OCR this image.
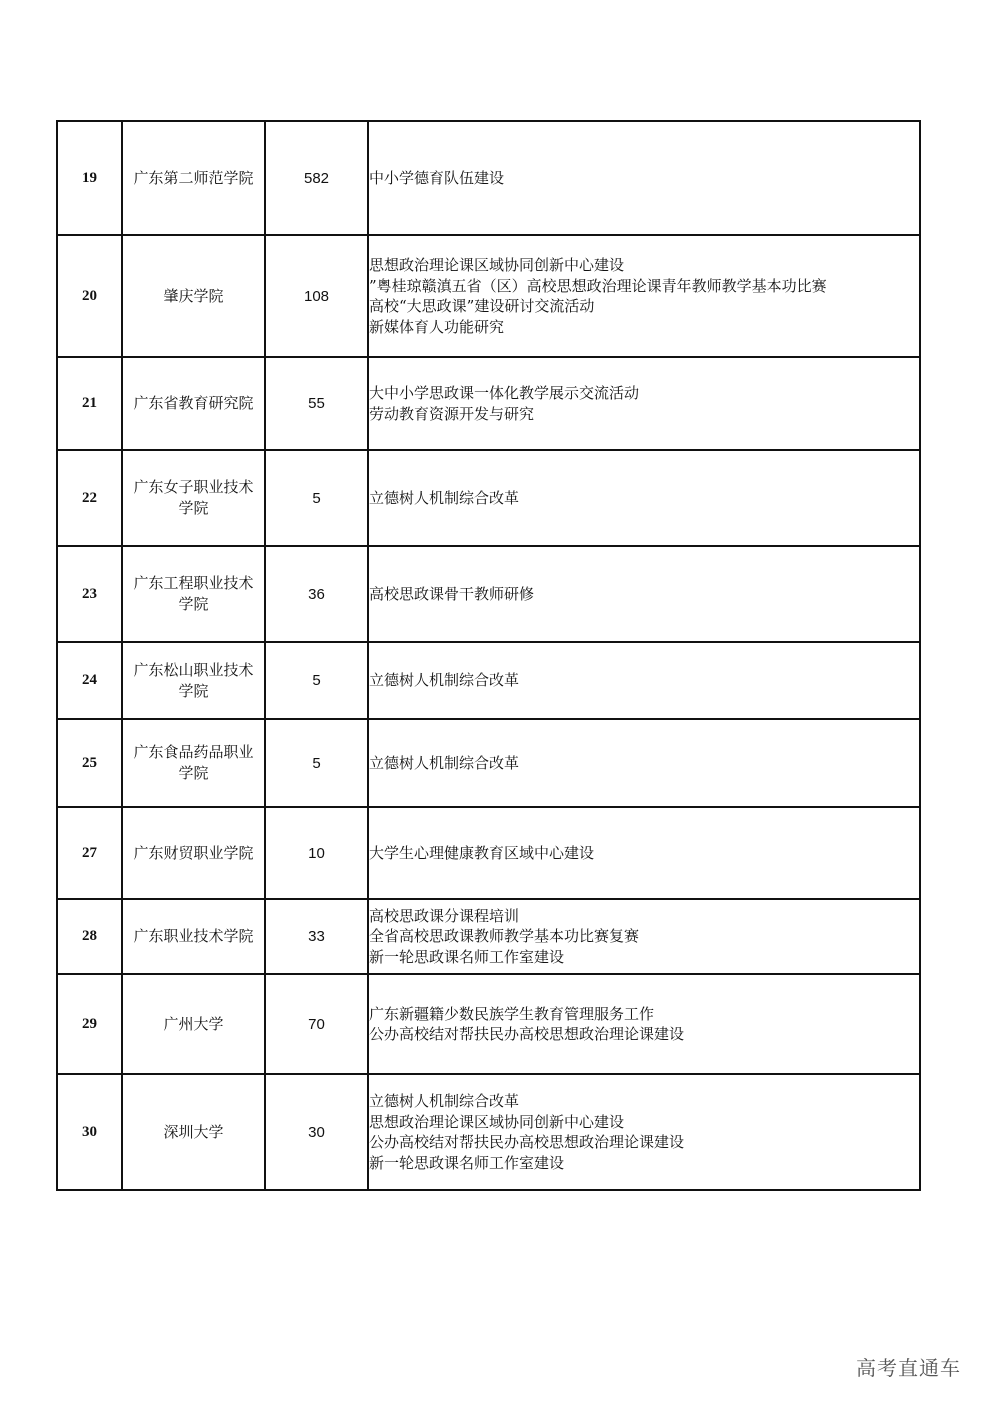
19	广东第二师范学院	582	中小学德育队伍建设

20	肇庆学院	108	思想政治理论课区域协同创新中心建设
”粤桂琼赣滇五省（区）高校思想政治理论课青年教师教学基本功比赛
高校“大思政课”建设研讨交流活动
新媒体育人功能研究

21	广东省教育研究院	55	大中小学思政课一体化教学展示交流活动
劳动教育资源开发与研究

22	广东女子职业技术学院	5	立德树人机制综合改革

23	广东工程职业技术学院	36	高校思政课骨干教师研修

24	广东松山职业技术学院	5	立德树人机制综合改革

25	广东食品药品职业学院	5	立德树人机制综合改革

27	广东财贸职业学院	10	大学生心理健康教育区域中心建设

28	广东职业技术学院	33	高校思政课分课程培训
全省高校思政课教师教学基本功比赛复赛
新一轮思政课名师工作室建设

29	广州大学	70	广东新疆籍少数民族学生教育管理服务工作
公办高校结对帮扶民办高校思想政治理论课建设

30	深圳大学	30	立德树人机制综合改革
思想政治理论课区域协同创新中心建设
公办高校结对帮扶民办高校思想政治理论课建设
新一轮思政课名师工作室建设
高考直通车
